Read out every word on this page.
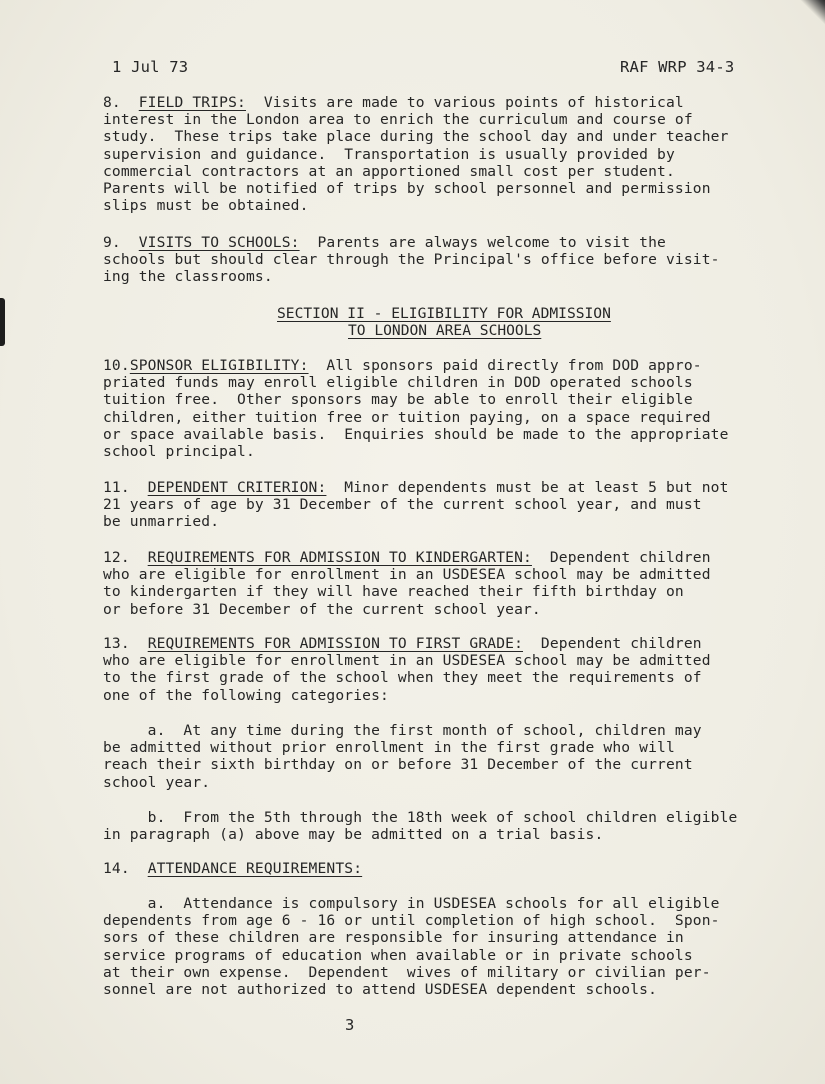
1 Jul 73	RAF WRP 34-3
8.  FIELD TRIPS:  Visits are made to various points of historical
interest in the London area to enrich the curriculum and course of
study.  These trips take place during the school day and under teacher
supervision and guidance.  Transportation is usually provided by
commercial contractors at an apportioned small cost per student.
Parents will be notified of trips by school personnel and permission
slips must be obtained.
9.  VISITS TO SCHOOLS:  Parents are always welcome to visit the
schools but should clear through the Principal's office before visit-
ing the classrooms.
SECTION II - ELIGIBILITY FOR ADMISSION
TO LONDON AREA SCHOOLS
10.SPONSOR ELIGIBILITY:  All sponsors paid directly from DOD appro-
priated funds may enroll eligible children in DOD operated schools
tuition free.  Other sponsors may be able to enroll their eligible
children, either tuition free or tuition paying, on a space required
or space available basis.  Enquiries should be made to the appropriate
school principal.
11.  DEPENDENT CRITERION:  Minor dependents must be at least 5 but not
21 years of age by 31 December of the current school year, and must
be unmarried.
12.  REQUIREMENTS FOR ADMISSION TO KINDERGARTEN:  Dependent children
who are eligible for enrollment in an USDESEA school may be admitted
to kindergarten if they will have reached their fifth birthday on
or before 31 December of the current school year.
13.  REQUIREMENTS FOR ADMISSION TO FIRST GRADE:  Dependent children
who are eligible for enrollment in an USDESEA school may be admitted
to the first grade of the school when they meet the requirements of
one of the following categories:
a.  At any time during the first month of school, children may
be admitted without prior enrollment in the first grade who will
reach their sixth birthday on or before 31 December of the current
school year.
b.  From the 5th through the 18th week of school children eligible
in paragraph (a) above may be admitted on a trial basis.
14.  ATTENDANCE REQUIREMENTS:
a.  Attendance is compulsory in USDESEA schools for all eligible
dependents from age 6 - 16 or until completion of high school.  Spon-
sors of these children are responsible for insuring attendance in
service programs of education when available or in private schools
at their own expense.  Dependent  wives of military or civilian per-
sonnel are not authorized to attend USDESEA dependent schools.
3
